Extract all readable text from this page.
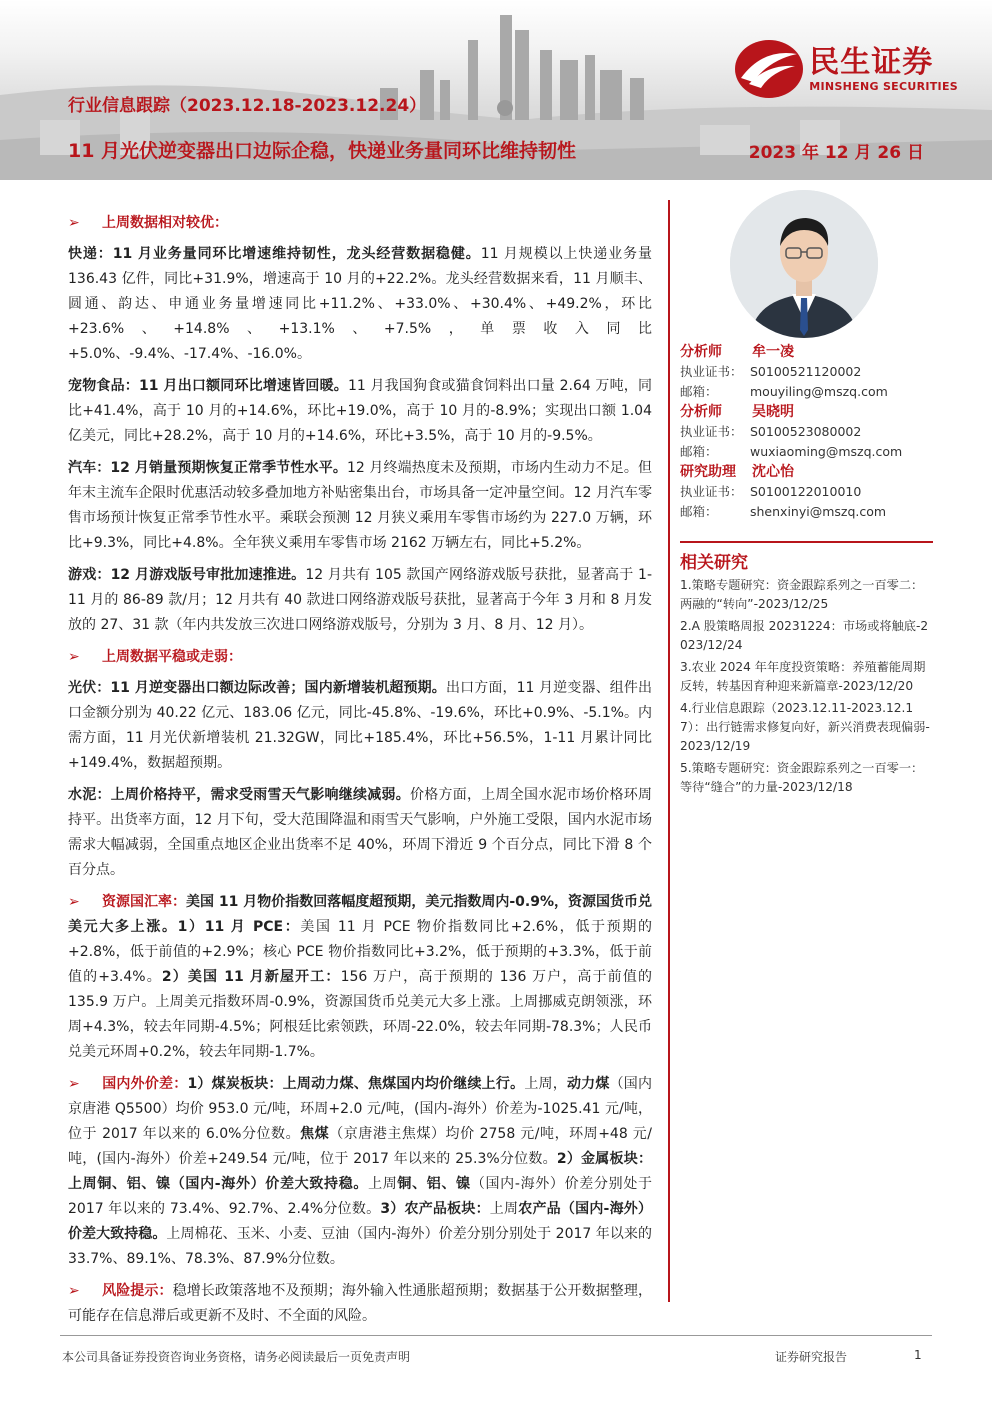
民生证券
MINSHENG SECURITIES
行业信息跟踪（2023.12.18-2023.12.24）
11 月光伏逆变器出口边际企稳，快递业务量同环比维持韧性	2023 年 12 月 26 日
➢ 上周数据相对较优：

快递：11 月业务量同环比增速维持韧性，龙头经营数据稳健。11 月规模以上快递业务量 136.43 亿件，同比+31.9%，增速高于 10 月的+22.2%。龙头经营数据来看，11 月顺丰、圆通、韵达、申通业务量增速同比+11.2%、+33.0%、+30.4%、+49.2%，环比+23.6%、+14.8%、+13.1%、+7.5%，单票收入同比+5.0%、-9.4%、-17.4%、-16.0%。

宠物食品：11 月出口额同环比增速皆回暖。11 月我国狗食或猫食饲料出口量 2.64 万吨，同比+41.4%，高于 10 月的+14.6%，环比+19.0%，高于 10 月的-8.9%；实现出口额 1.04 亿美元，同比+28.2%，高于 10 月的+14.6%，环比+3.5%，高于 10 月的-9.5%。

汽车：12 月销量预期恢复正常季节性水平。12 月终端热度未及预期，市场内生动力不足。但年末主流车企限时优惠活动较多叠加地方补贴密集出台，市场具备一定冲量空间。12 月汽车零售市场预计恢复正常季节性水平。乘联会预测 12 月狭义乘用车零售市场约为 227.0 万辆，环比+9.3%，同比+4.8%。全年狭义乘用车零售市场 2162 万辆左右，同比+5.2%。

游戏：12 月游戏版号审批加速推进。12 月共有 105 款国产网络游戏版号获批，显著高于 1-11 月的 86-89 款/月；12 月共有 40 款进口网络游戏版号获批，显著高于今年 3 月和 8 月发放的 27、31 款（年内共发放三次进口网络游戏版号，分别为 3 月、8 月、12 月）。

➢ 上周数据平稳或走弱：

光伏：11 月逆变器出口额边际改善；国内新增装机超预期。出口方面，11 月逆变器、组件出口金额分别为 40.22 亿元、183.06 亿元，同比-45.8%、-19.6%，环比+0.9%、-5.1%。内需方面，11 月光伏新增装机 21.32GW，同比+185.4%，环比+56.5%，1-11 月累计同比+149.4%，数据超预期。

水泥：上周价格持平，需求受雨雪天气影响继续减弱。价格方面，上周全国水泥市场价格环周持平。出货率方面，12 月下旬，受大范围降温和雨雪天气影响，户外施工受限，国内水泥市场需求大幅减弱，全国重点地区企业出货率不足 40%，环周下滑近 9 个百分点，同比下滑 8 个百分点。

➢ 资源国汇率：美国 11 月物价指数回落幅度超预期，美元指数周内-0.9%，资源国货币兑美元大多上涨。1）11 月 PCE：美国 11 月 PCE 物价指数同比+2.6%，低于预期的+2.8%，低于前值的+2.9%；核心 PCE 物价指数同比+3.2%，低于预期的+3.3%，低于前值的+3.4%。2）美国 11 月新屋开工：156 万户，高于预期的 136 万户，高于前值的 135.9 万户。上周美元指数环周-0.9%，资源国货币兑美元大多上涨。上周挪威克朗领涨，环周+4.3%，较去年同期-4.5%；阿根廷比索领跌，环周-22.0%，较去年同期-78.3%；人民币兑美元环周+0.2%，较去年同期-1.7%。

➢ 国内外价差：1）煤炭板块：上周动力煤、焦煤国内均价继续上行。上周，动力煤（国内京唐港 Q5500）均价 953.0 元/吨，环周+2.0 元/吨，(国内-海外）价差为-1025.41 元/吨，位于 2017 年以来的 6.0%分位数。焦煤（京唐港主焦煤）均价 2758 元/吨，环周+48 元/吨，(国内-海外）价差+249.54 元/吨，位于 2017 年以来的 25.3%分位数。2）金属板块：上周铜、铝、镍（国内-海外）价差大致持稳。上周铜、铝、镍（国内-海外）价差分别处于 2017 年以来的 73.4%、92.7%、2.4%分位数。3）农产品板块：上周农产品（国内-海外）价差大致持稳。上周棉花、玉米、小麦、豆油（国内-海外）价差分别分别处于 2017 年以来的 33.7%、89.1%、78.3%、87.9%分位数。

➢ 风险提示：稳增长政策落地不及预期；海外输入性通胀超预期；数据基于公开数据整理，可能存在信息滞后或更新不及时、不全面的风险。

分析师 牟一凌
执业证书： S0100521120002
邮箱：	mouyiling@mszq.com
分析师 吴晓明
执业证书： S0100523080002
邮箱：	wuxiaoming@mszq.com
研究助理 沈心怡
执业证书： S0100122010010
邮箱：	shenxinyi@mszq.com
相关研究
1.策略专题研究：资金跟踪系列之一百零二：两融的“转向”-2023/12/25
2.A 股策略周报 20231224：市场或将触底-2023/12/24
3.农业 2024 年年度投资策略：养殖蓄能周期反转，转基因育种迎来新篇章-2023/12/20
4.行业信息跟踪（2023.12.11-2023.12.17）：出行链需求修复向好，新兴消费表现偏弱-2023/12/19
5.策略专题研究：资金跟踪系列之一百零一：等待“缝合”的力量-2023/12/18
本公司具备证券投资咨询业务资格，请务必阅读最后一页免责声明	证券研究报告	1
